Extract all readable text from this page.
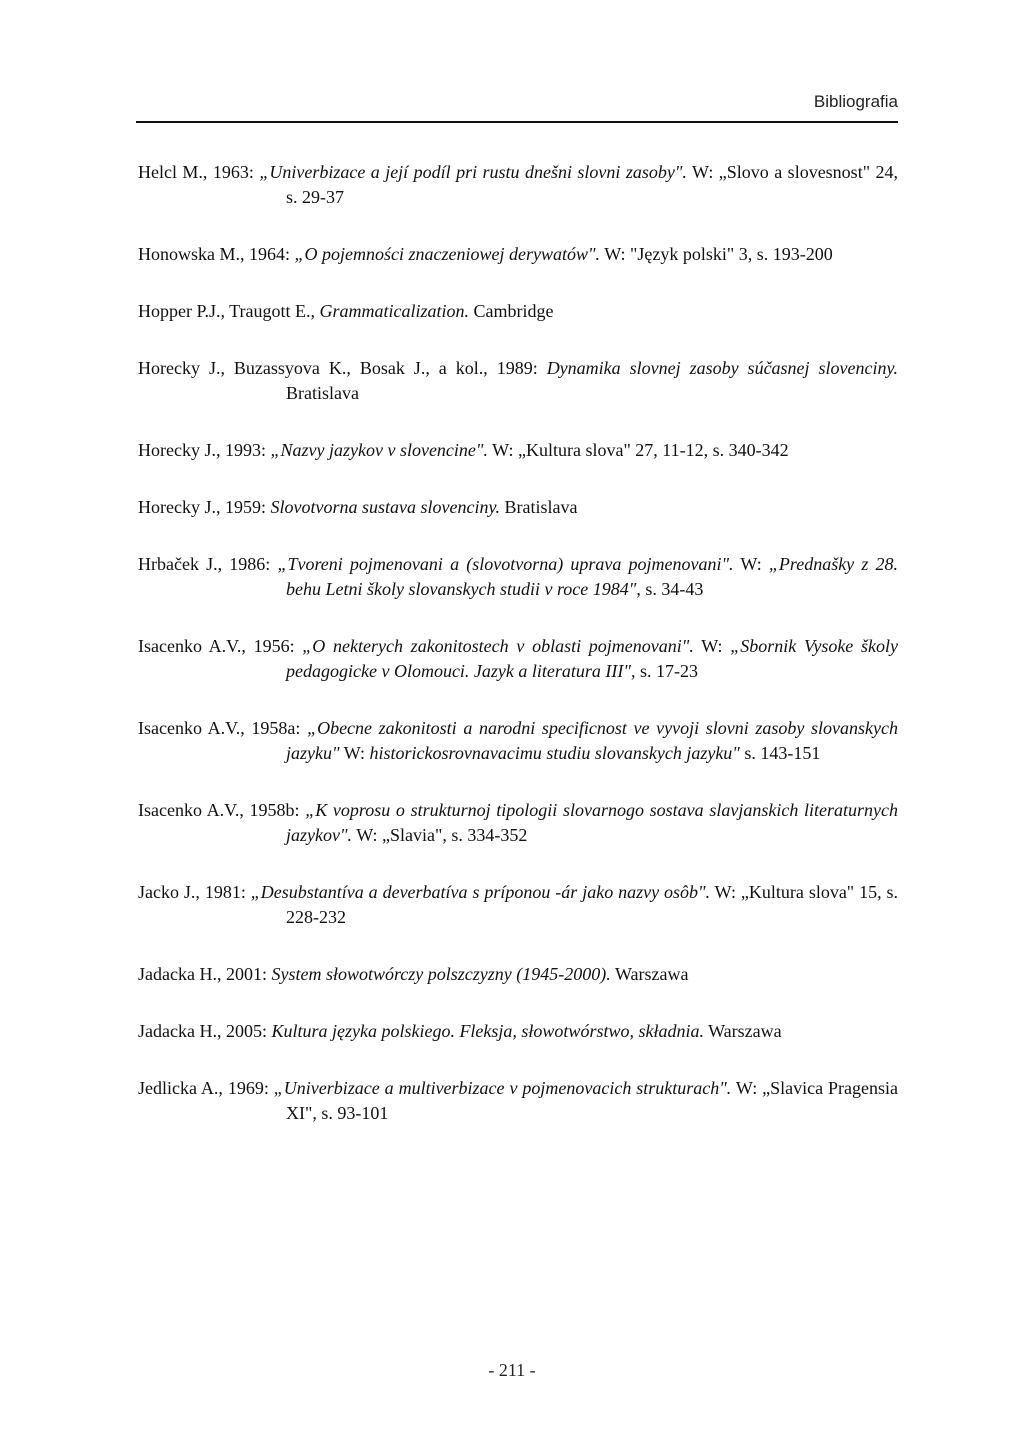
Bibliografia

Helcl M., 1963: „Univerbizace a její podíl pri rustu dnešni slovni zasoby". W: „Slovo a slovesnost" 24, s. 29-37

Honowska M., 1964: „O pojemności znaczeniowej derywatów". W: "Język polski" 3, s. 193-200

Hopper P.J., Traugott E., Grammaticalization. Cambridge

Horecky J., Buzassyova K., Bosak J., a kol., 1989: Dynamika slovnej zasoby súčasnej slovenciny. Bratislava

Horecky J., 1993: „Nazvy jazykov v slovencine". W: „Kultura slova" 27, 11-12, s. 340-342

Horecky J., 1959: Slovotvorna sustava slovenciny. Bratislava

Hrbaček J., 1986: „Tvoreni pojmenovani a (slovotvorna) uprava pojmenovani". W: „Prednašky z 28. behu Letni školy slovanskych studii v roce 1984", s. 34-43

Isacenko A.V., 1956: „O nekterych zakonitostech v oblasti pojmenovani". W: „Sbornik Vysoke školy pedagogicke v Olomouci. Jazyk a literatura III", s. 17-23

Isacenko A.V., 1958a: „Obecne zakonitosti a narodni specificnost ve vyvoji slovni zasoby slovanskych jazyku" W: historickosrovnavacimu studiu slovanskych jazyku" s. 143-151

Isacenko A.V., 1958b: „K voprosu o strukturnoj tipologii slovarnogo sostava slavjanskich literaturnych jazykov". W: „Slavia", s. 334-352

Jacko J., 1981: „Desubstantíva a deverbatíva s príponou -ár jako nazvy osôb". W: „Kultura slova" 15, s. 228-232

Jadacka H., 2001: System słowotwórczy polszczyzny (1945-2000). Warszawa

Jadacka H., 2005: Kultura języka polskiego. Fleksja, słowotwórstwo, składnia. Warszawa

Jedlicka A., 1969: „Univerbizace a multiverbizace v pojmenovacich strukturach". W: „Slavica Pragensia XI", s. 93-101

- 211 -
